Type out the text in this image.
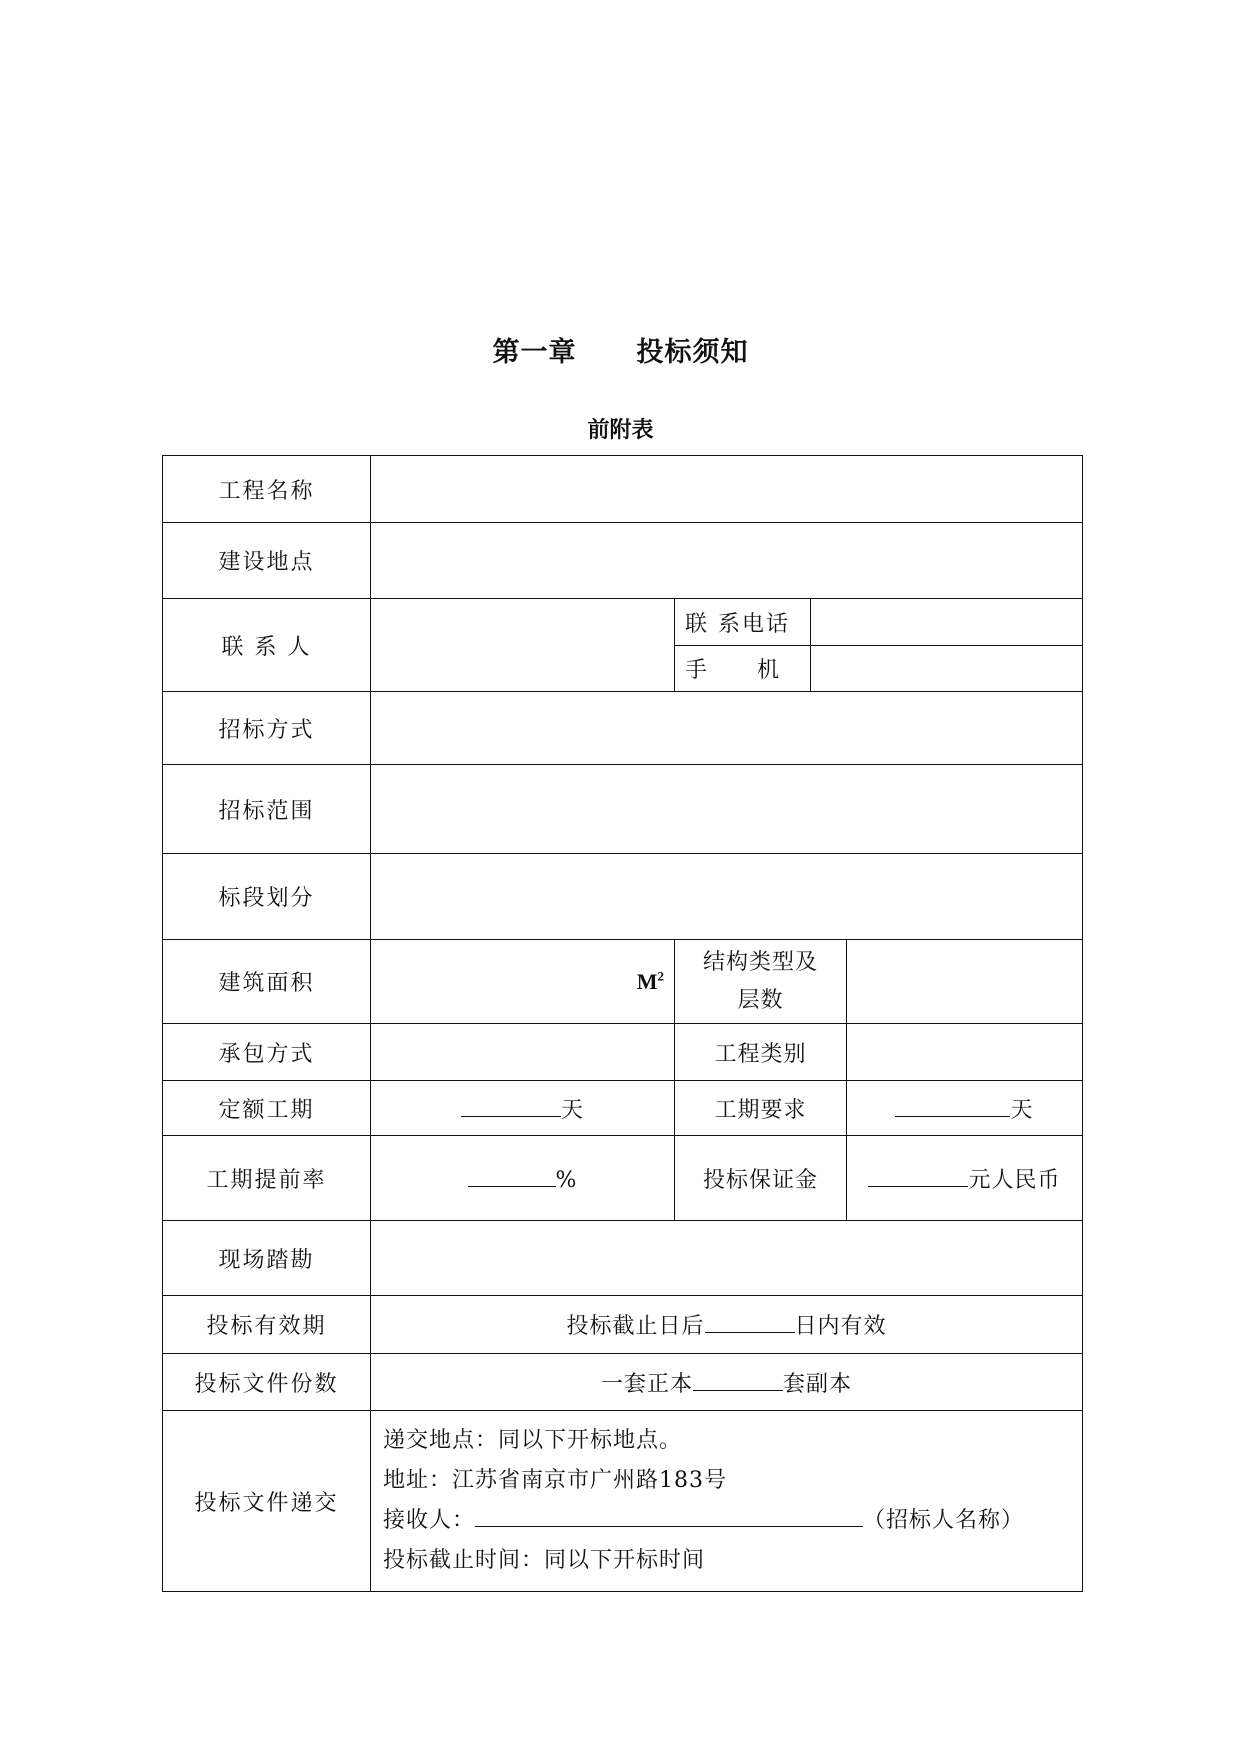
第一章 投标须知
前附表
工程名称				
建设地点				
联 系 人		联 系电话		
		手　　机		
招标方式				
招标范围				
标段划分				
建筑面积	$M^2$	结构类型及层数		
承包方式		工程类别		
定额工期	天	工期要求		天
工期提前率	%	投标保证金		元人民币
现场踏勘				
投标有效期	投标截止日后 日内有效			
投标文件份数	一套正本 套副本			
投标文件递交	递交地点：同以下开标地点。
地址：江苏省南京市广州路183号
接收人： （招标人名称）
投标截止时间：同以下开标时间			
